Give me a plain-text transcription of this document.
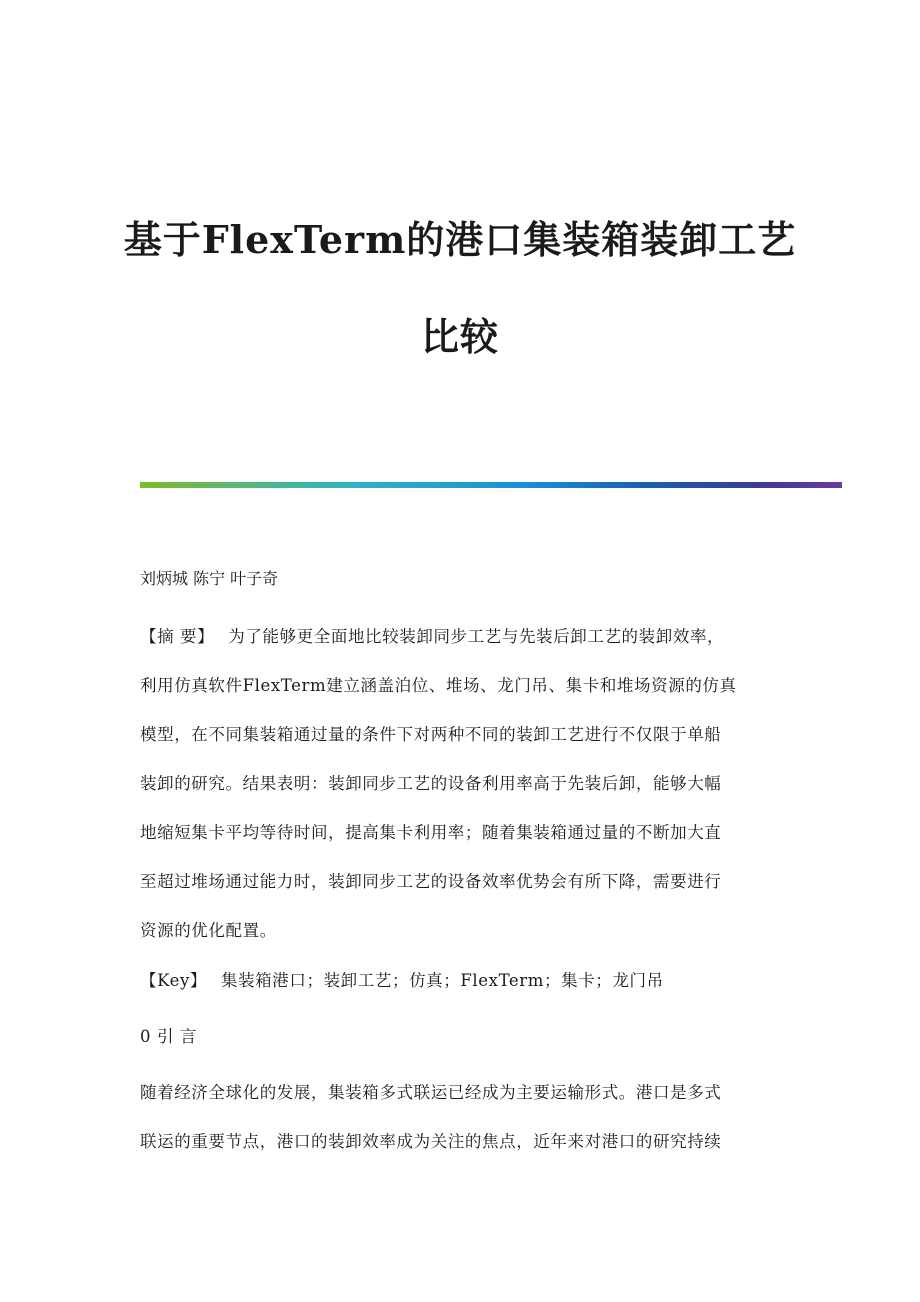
基于FlexTerm的港口集装箱装卸工艺
比较
刘炳城 陈宁 叶子奇
【摘 要】 为了能够更全面地比较装卸同步工艺与先装后卸工艺的装卸效率，
利用仿真软件FlexTerm建立涵盖泊位、堆场、龙门吊、集卡和堆场资源的仿真
模型，在不同集装箱通过量的条件下对两种不同的装卸工艺进行不仅限于单船
装卸的研究。结果表明：装卸同步工艺的设备利用率高于先装后卸，能够大幅
地缩短集卡平均等待时间，提高集卡利用率；随着集装箱通过量的不断加大直
至超过堆场通过能力时，装卸同步工艺的设备效率优势会有所下降，需要进行
资源的优化配置。
【Key】 集装箱港口；装卸工艺；仿真；FlexTerm；集卡；龙门吊
0 引 言
随着经济全球化的发展，集装箱多式联运已经成为主要运输形式。港口是多式
联运的重要节点，港口的装卸效率成为关注的焦点，近年来对港口的研究持续
